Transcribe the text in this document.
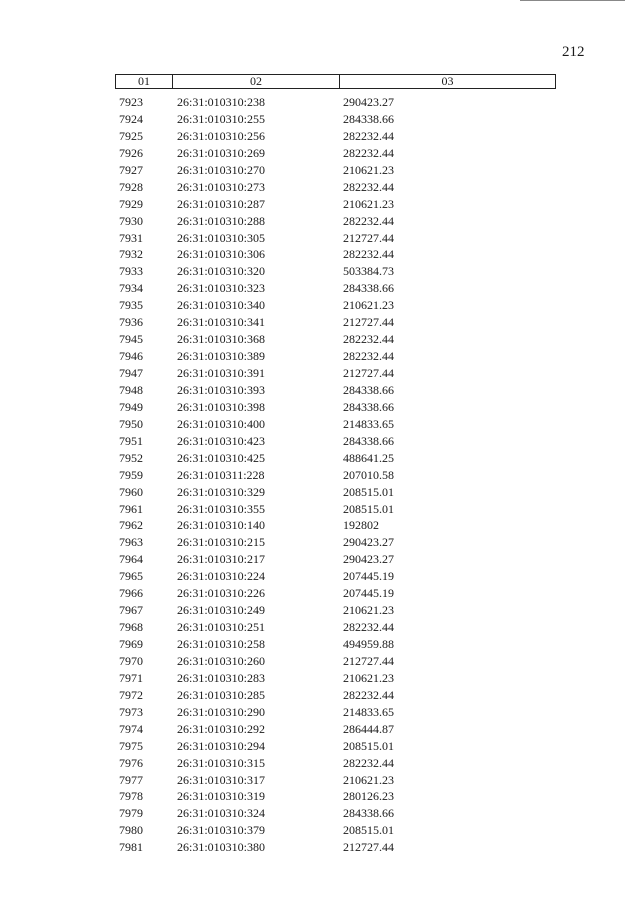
212
01	02	03
7923	26:31:010310:238	290423.27
7924	26:31:010310:255	284338.66
7925	26:31:010310:256	282232.44
7926	26:31:010310:269	282232.44
7927	26:31:010310:270	210621.23
7928	26:31:010310:273	282232.44
7929	26:31:010310:287	210621.23
7930	26:31:010310:288	282232.44
7931	26:31:010310:305	212727.44
7932	26:31:010310:306	282232.44
7933	26:31:010310:320	503384.73
7934	26:31:010310:323	284338.66
7935	26:31:010310:340	210621.23
7936	26:31:010310:341	212727.44
7945	26:31:010310:368	282232.44
7946	26:31:010310:389	282232.44
7947	26:31:010310:391	212727.44
7948	26:31:010310:393	284338.66
7949	26:31:010310:398	284338.66
7950	26:31:010310:400	214833.65
7951	26:31:010310:423	284338.66
7952	26:31:010310:425	488641.25
7959	26:31:010311:228	207010.58
7960	26:31:010310:329	208515.01
7961	26:31:010310:355	208515.01
7962	26:31:010310:140	192802
7963	26:31:010310:215	290423.27
7964	26:31:010310:217	290423.27
7965	26:31:010310:224	207445.19
7966	26:31:010310:226	207445.19
7967	26:31:010310:249	210621.23
7968	26:31:010310:251	282232.44
7969	26:31:010310:258	494959.88
7970	26:31:010310:260	212727.44
7971	26:31:010310:283	210621.23
7972	26:31:010310:285	282232.44
7973	26:31:010310:290	214833.65
7974	26:31:010310:292	286444.87
7975	26:31:010310:294	208515.01
7976	26:31:010310:315	282232.44
7977	26:31:010310:317	210621.23
7978	26:31:010310:319	280126.23
7979	26:31:010310:324	284338.66
7980	26:31:010310:379	208515.01
7981	26:31:010310:380	212727.44
